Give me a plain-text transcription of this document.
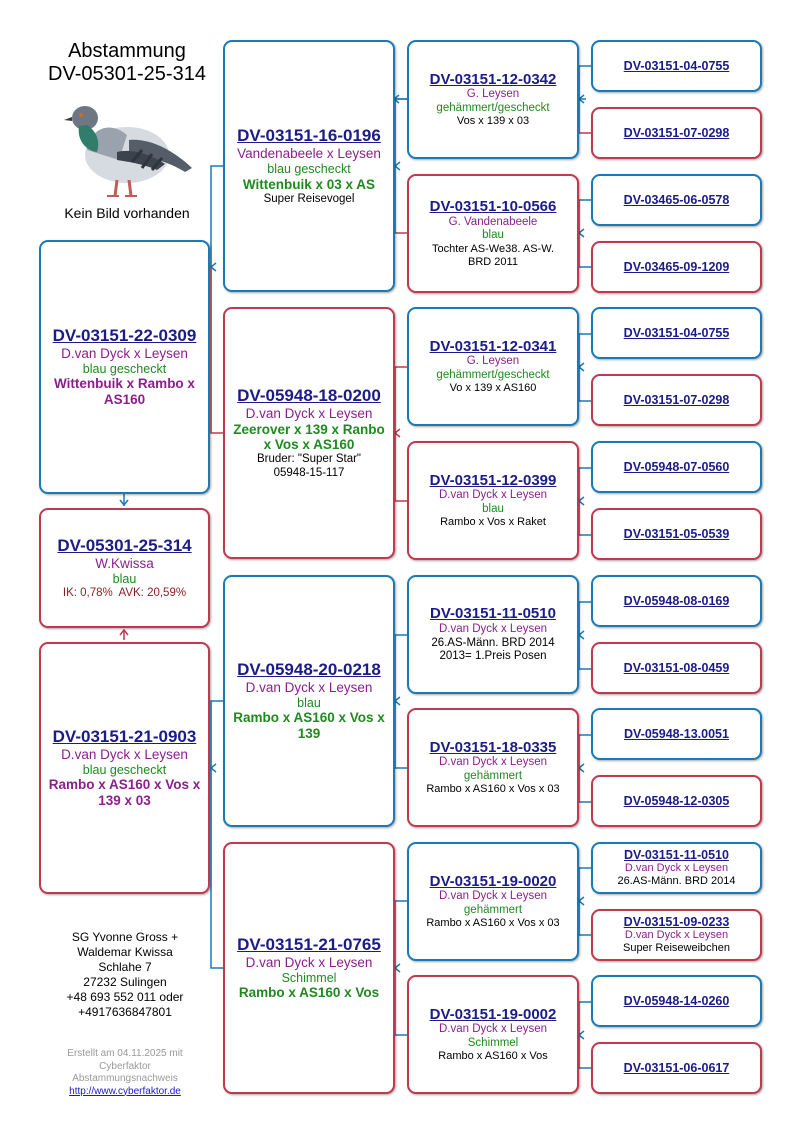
Abstammung
DV-05301-25-314
Kein Bild vorhanden
DV-03151-22-0309
D.van Dyck x Leysen
blau gescheckt
Wittenbuik x Rambo x AS160
DV-05301-25-314
W.Kwissa
blau
IK: 0,78%  AVK: 20,59%
DV-03151-21-0903
D.van Dyck x Leysen
blau gescheckt
Rambo x AS160 x Vos x 139 x 03
DV-03151-16-0196
Vandenabeele x Leysen
blau gescheckt
Wittenbuik x 03 x AS
Super Reisevogel
DV-05948-18-0200
D.van Dyck x Leysen
Zeerover x 139 x Ranbo x Vos x AS160
Bruder: "Super Star" 05948-15-117
DV-05948-20-0218
D.van Dyck x Leysen
blau
Rambo x AS160 x Vos x 139
DV-03151-21-0765
D.van Dyck x Leysen
Schimmel
Rambo x AS160 x Vos
DV-03151-12-0342
G. Leysen
gehämmert/gescheckt
Vos x 139 x 03
DV-03151-10-0566
G. Vandenabeele
blau
Tochter AS-We38. AS-W. BRD 2011
DV-03151-12-0341
G. Leysen
gehämmert/gescheckt
Vo x 139 x AS160
DV-03151-12-0399
D.van Dyck x Leysen
blau
Rambo x Vos x Raket
DV-03151-11-0510
D.van Dyck x Leysen
26.AS-Männ. BRD 2014 2013= 1.Preis Posen
DV-03151-18-0335
D.van Dyck x Leysen
gehämmert
Rambo x AS160 x Vos x 03
DV-03151-19-0020
D.van Dyck x Leysen
gehämmert
Rambo x AS160 x Vos x 03
DV-03151-19-0002
D.van Dyck x Leysen
Schimmel
Rambo x AS160 x Vos
DV-03151-04-0755
DV-03151-07-0298
DV-03465-06-0578
DV-03465-09-1209
DV-03151-04-0755
DV-03151-07-0298
DV-05948-07-0560
DV-03151-05-0539
DV-05948-08-0169
DV-03151-08-0459
DV-05948-13.0051
DV-05948-12-0305
DV-03151-11-0510
D.van Dyck x Leysen
26.AS-Männ. BRD 2014
DV-03151-09-0233
D.van Dyck x Leysen
Super Reiseweibchen
DV-05948-14-0260
DV-03151-06-0617
SG Yvonne Gross +
Waldemar Kwissa
Schlahe 7
27232 Sulingen
+48 693 552 011 oder
+4917636847801
Erstellt am 04.11.2025 mit
Cyberfaktor
Abstammungsnachweis
http://www.cyberfaktor.de
